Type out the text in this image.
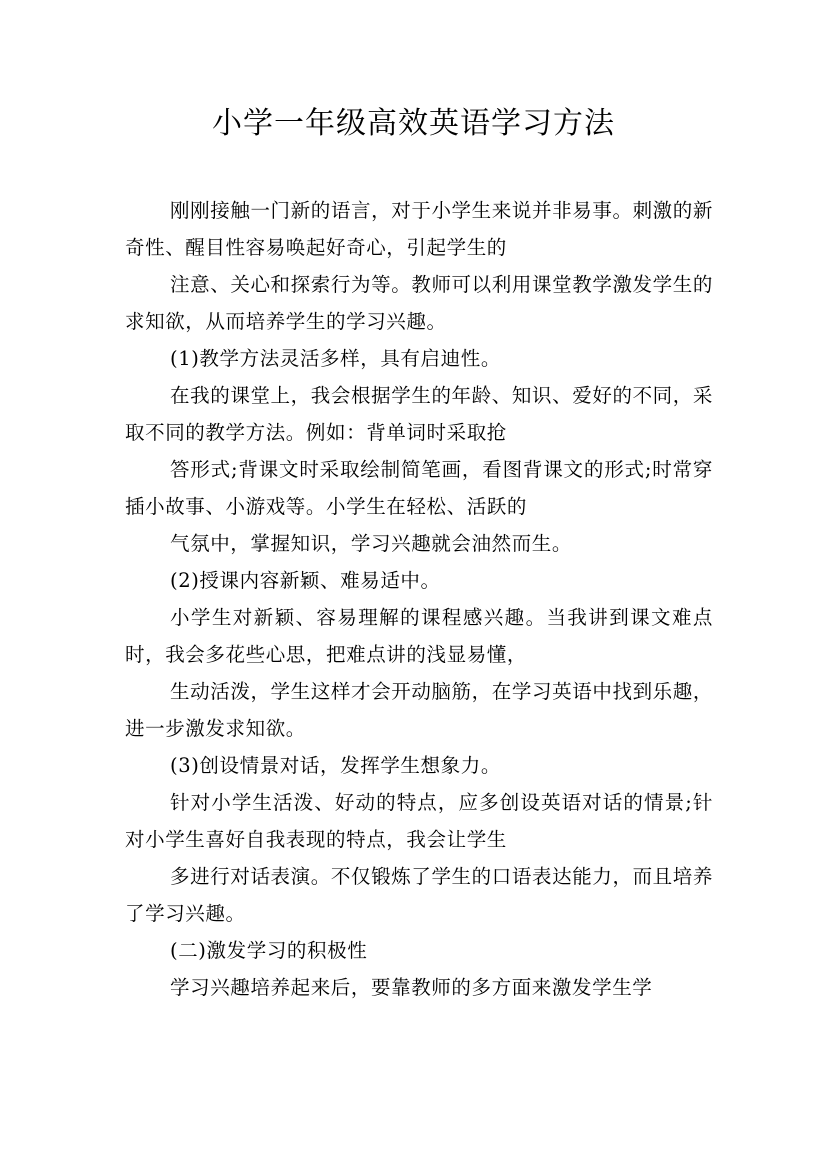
小学一年级高效英语学习方法

刚刚接触一门新的语言，对于小学生来说并非易事。刺激的新奇性、醒目性容易唤起好奇心，引起学生的

注意、关心和探索行为等。教师可以利用课堂教学激发学生的求知欲，从而培养学生的学习兴趣。

(1)教学方法灵活多样，具有启迪性。

在我的课堂上，我会根据学生的年龄、知识、爱好的不同，采取不同的教学方法。例如：背单词时采取抢

答形式;背课文时采取绘制简笔画，看图背课文的形式;时常穿插小故事、小游戏等。小学生在轻松、活跃的

气氛中，掌握知识，学习兴趣就会油然而生。

(2)授课内容新颖、难易适中。

小学生对新颖、容易理解的课程感兴趣。当我讲到课文难点时，我会多花些心思，把难点讲的浅显易懂，

生动活泼，学生这样才会开动脑筋，在学习英语中找到乐趣，进一步激发求知欲。

(3)创设情景对话，发挥学生想象力。

针对小学生活泼、好动的特点，应多创设英语对话的情景;针对小学生喜好自我表现的特点，我会让学生

多进行对话表演。不仅锻炼了学生的口语表达能力，而且培养了学习兴趣。

(二)激发学习的积极性

学习兴趣培养起来后，要靠教师的多方面来激发学生学
